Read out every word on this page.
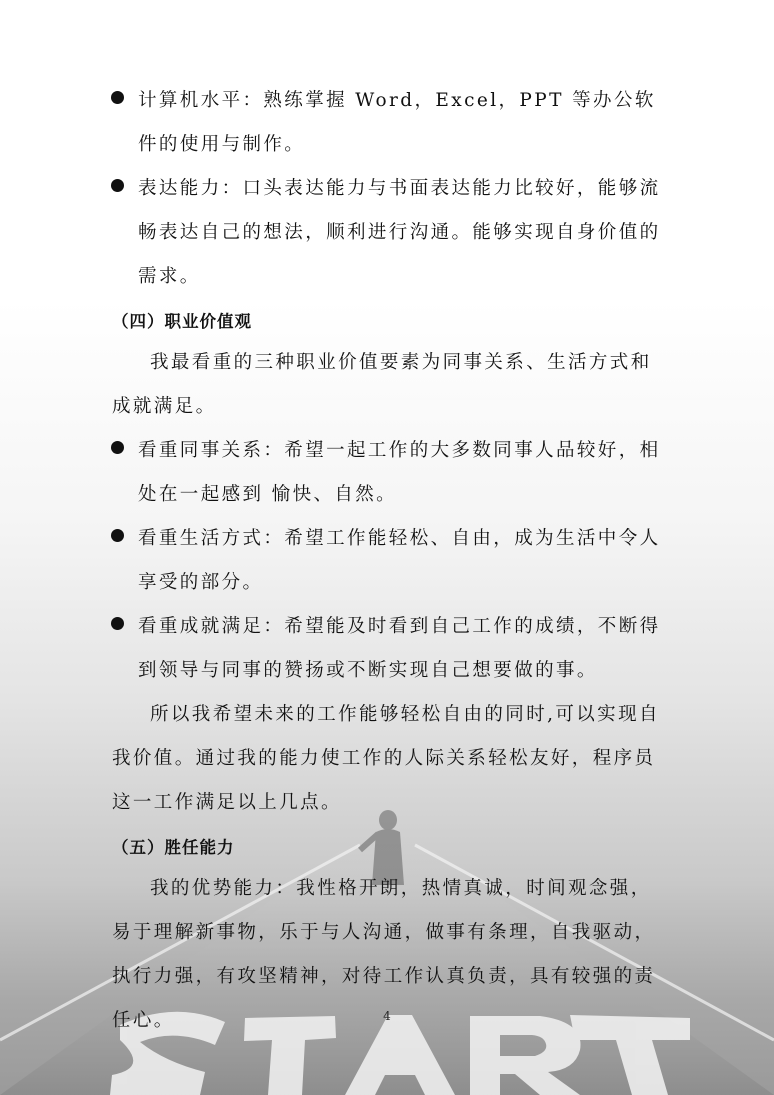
计算机水平：熟练掌握 Word，Excel，PPT 等办公软件的使用与制作。
表达能力：口头表达能力与书面表达能力比较好，能够流畅表达自己的想法，顺利进行沟通。能够实现自身价值的需求。
（四）职业价值观
我最看重的三种职业价值要素为同事关系、生活方式和成就满足。
看重同事关系：希望一起工作的大多数同事人品较好，相处在一起感到 愉快、自然。
看重生活方式：希望工作能轻松、自由，成为生活中令人享受的部分。
看重成就满足：希望能及时看到自己工作的成绩，不断得到领导与同事的赞扬或不断实现自己想要做的事。
所以我希望未来的工作能够轻松自由的同时,可以实现自我价值。通过我的能力使工作的人际关系轻松友好，程序员这一工作满足以上几点。
（五）胜任能力
我的优势能力：我性格开朗，热情真诚，时间观念强，易于理解新事物，乐于与人沟通，做事有条理，自我驱动，执行力强，有攻坚精神，对待工作认真负责，具有较强的责任心。	4
